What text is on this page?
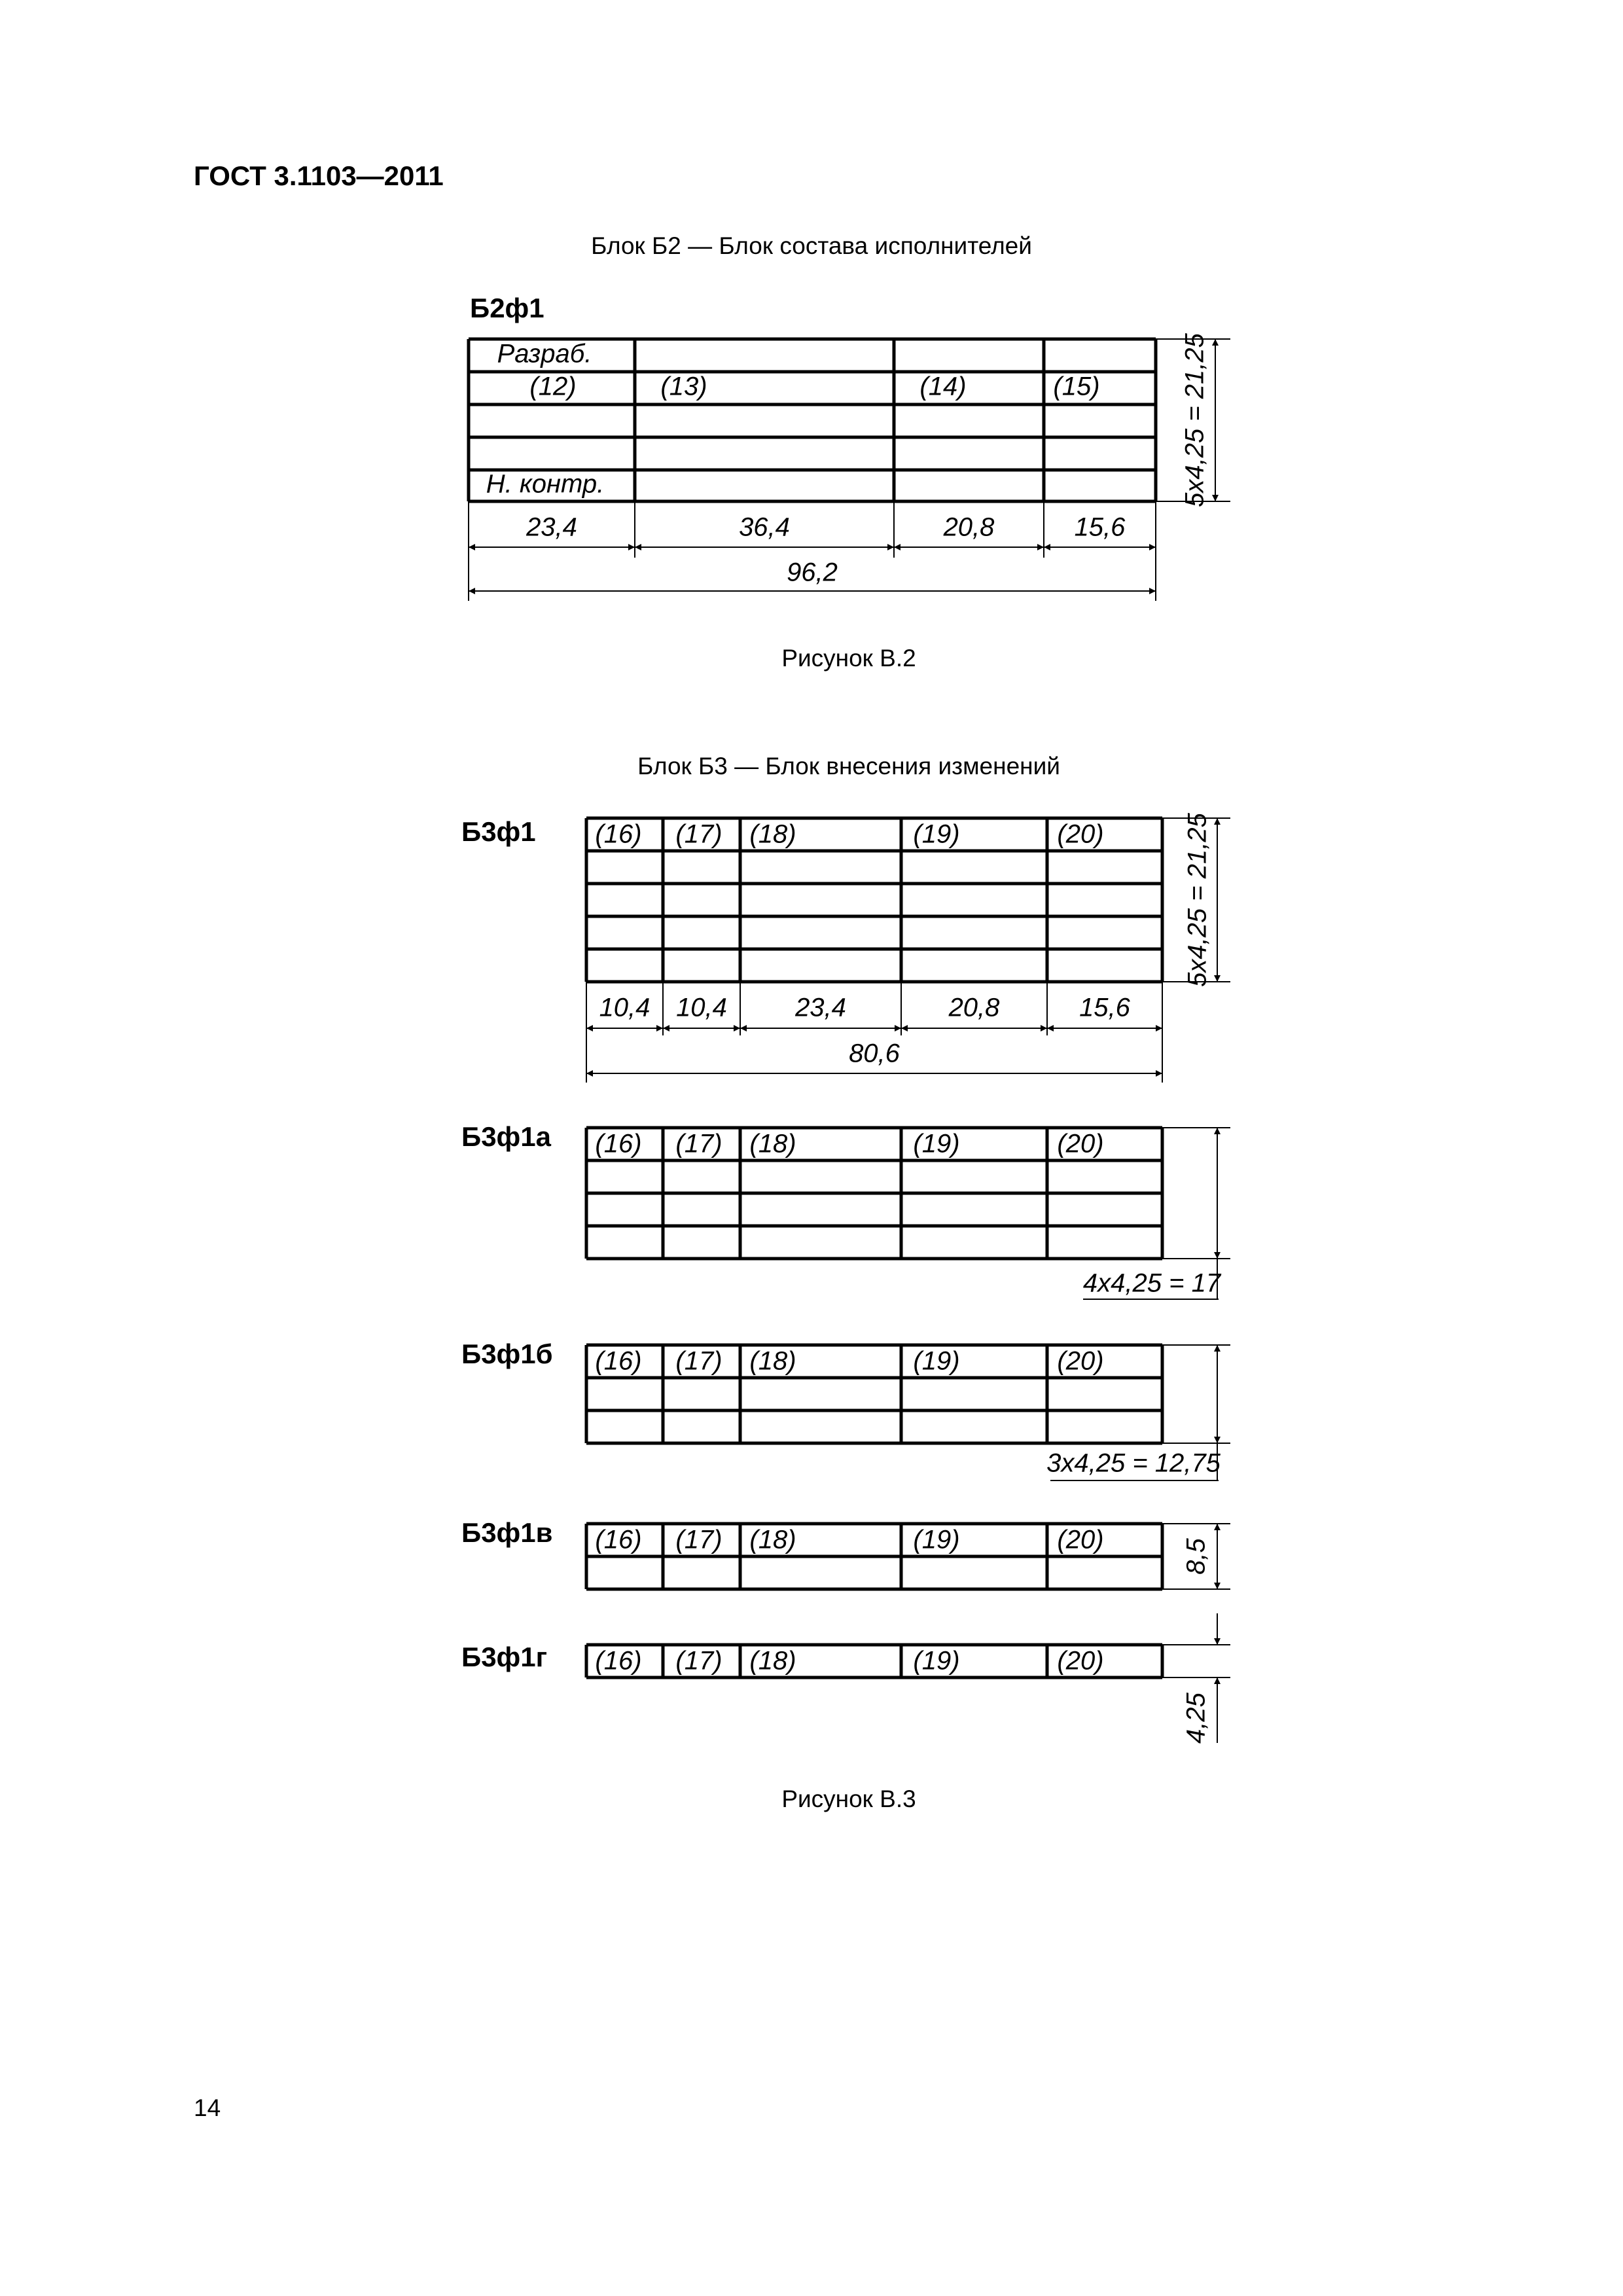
ГОСТ 3.1103—2011
Блок Б2 — Блок состава исполнителей
Б2ф1
Рисунок В.2
Блок Б3 — Блок внесения изменений
Б3ф1
Б3ф1а
Б3ф1б
Б3ф1в
Б3ф1г
Рисунок В.3
14
Разраб.
(12)	(13)	(14)	(15)
Н. контр.
23,4	36,4	20,8	15,6
96,2
5х4,25 = 21,25
(16) (17) (18)	(19)	(20)
10,4 10,4	23,4	20,8	15,6
80,6
5х4,25 = 21,25
(16) (17) (18)	(19)	(20)
4х4,25 = 17
(16) (17) (18)	(19)	(20)
3х4,25 = 12,75
(16) (17) (18)	(19)	(20)	8,5
(16) (17) (18)	(19)	(20)
4,25
